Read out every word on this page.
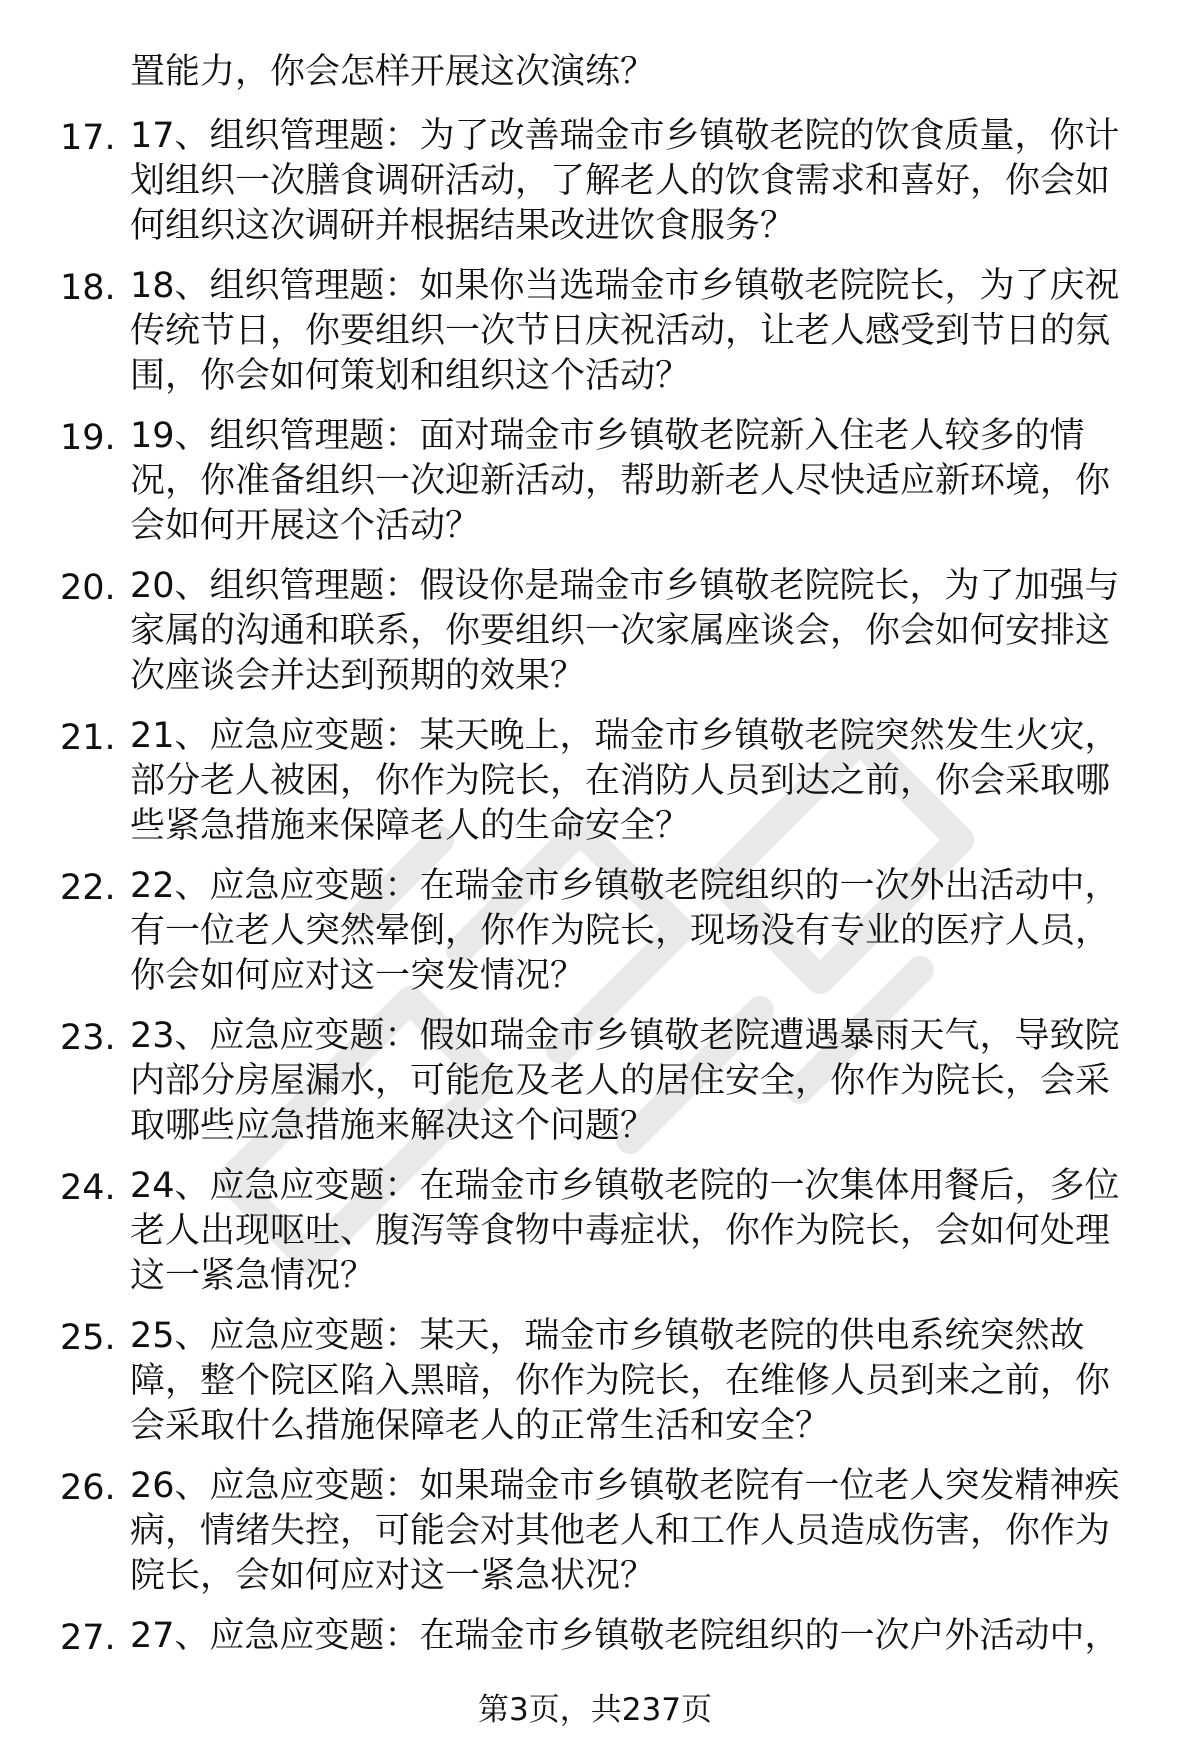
置能力，你会怎样开展这次演练？
17. 17、组织管理题：为了改善瑞金市乡镇敬老院的饮食质量，你计
划组织一次膳食调研活动，了解老人的饮食需求和喜好，你会如
何组织这次调研并根据结果改进饮食服务？
18. 18、组织管理题：如果你当选瑞金市乡镇敬老院院长，为了庆祝
传统节日，你要组织一次节日庆祝活动，让老人感受到节日的氛
围，你会如何策划和组织这个活动？
19. 19、组织管理题：面对瑞金市乡镇敬老院新入住老人较多的情
况，你准备组织一次迎新活动，帮助新老人尽快适应新环境，你
会如何开展这个活动？
20. 20、组织管理题：假设你是瑞金市乡镇敬老院院长，为了加强与
家属的沟通和联系，你要组织一次家属座谈会，你会如何安排这
次座谈会并达到预期的效果？
21. 21、应急应变题：某天晚上，瑞金市乡镇敬老院突然发生火灾，
部分老人被困，你作为院长，在消防人员到达之前，你会采取哪
些紧急措施来保障老人的生命安全？
22. 22、应急应变题：在瑞金市乡镇敬老院组织的一次外出活动中，
有一位老人突然晕倒，你作为院长，现场没有专业的医疗人员，
你会如何应对这一突发情况？
23. 23、应急应变题：假如瑞金市乡镇敬老院遭遇暴雨天气，导致院
内部分房屋漏水，可能危及老人的居住安全，你作为院长，会采
取哪些应急措施来解决这个问题？
24. 24、应急应变题：在瑞金市乡镇敬老院的一次集体用餐后，多位
老人出现呕吐、腹泻等食物中毒症状，你作为院长，会如何处理
这一紧急情况？
25. 25、应急应变题：某天，瑞金市乡镇敬老院的供电系统突然故
障，整个院区陷入黑暗，你作为院长，在维修人员到来之前，你
会采取什么措施保障老人的正常生活和安全？
26. 26、应急应变题：如果瑞金市乡镇敬老院有一位老人突发精神疾
病，情绪失控，可能会对其他老人和工作人员造成伤害，你作为
院长，会如何应对这一紧急状况？
27. 27、应急应变题：在瑞金市乡镇敬老院组织的一次户外活动中，
第3页，共237页
